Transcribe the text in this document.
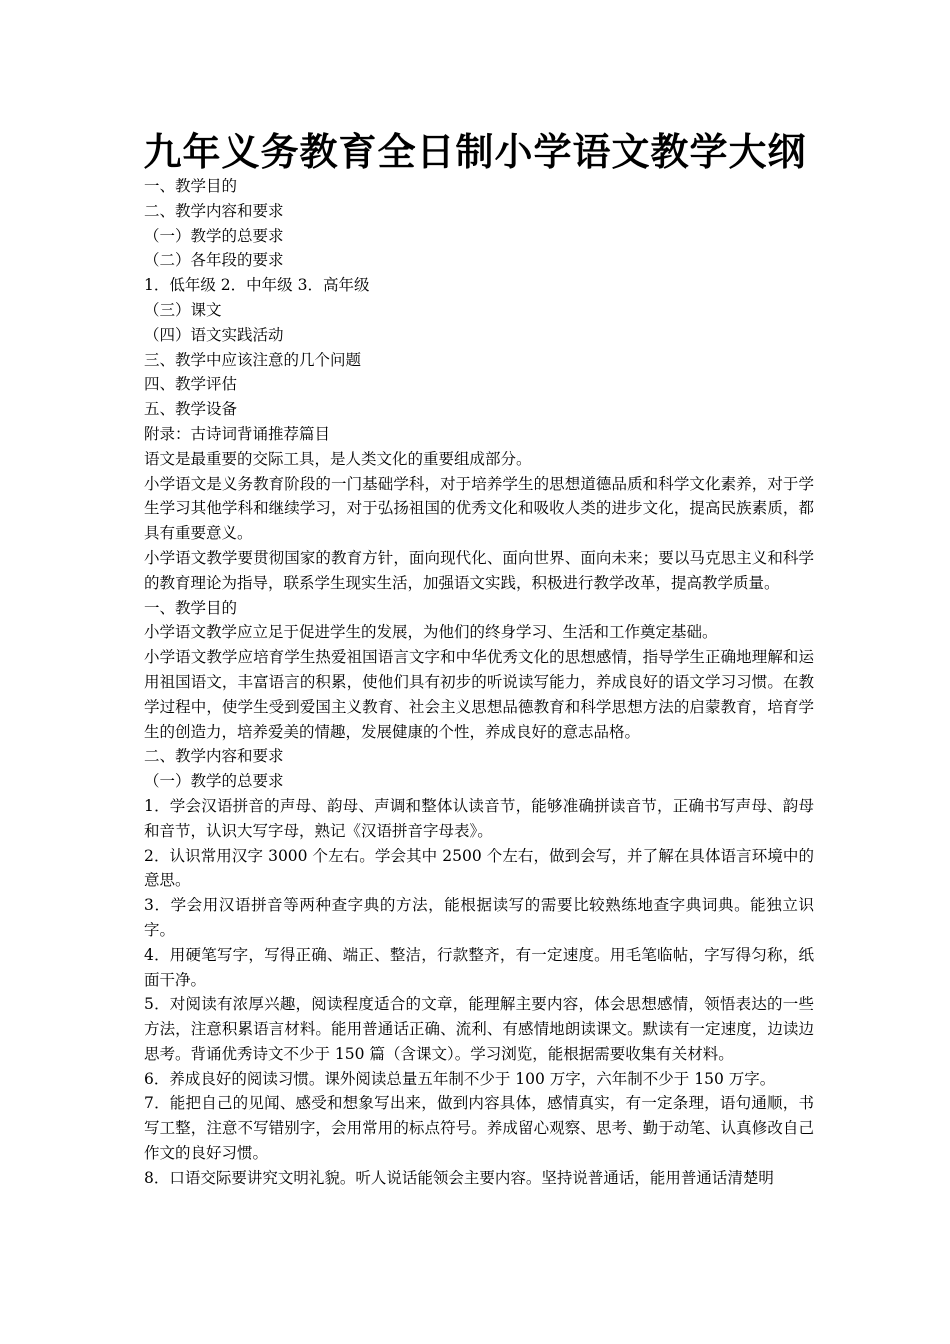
九年义务教育全日制小学语文教学大纲

一、教学目的

二、教学内容和要求

（一）教学的总要求

（二）各年段的要求

1．低年级 2．中年级 3．高年级

（三）课文

（四）语文实践活动

三、教学中应该注意的几个问题

四、教学评估

五、教学设备

附录：古诗词背诵推荐篇目

语文是最重要的交际工具，是人类文化的重要组成部分。

小学语文是义务教育阶段的一门基础学科，对于培养学生的思想道德品质和科学文化素养，对于学生学习其他学科和继续学习，对于弘扬祖国的优秀文化和吸收人类的进步文化，提高民族素质，都具有重要意义。

小学语文教学要贯彻国家的教育方针，面向现代化、面向世界、面向未来；要以马克思主义和科学的教育理论为指导，联系学生现实生活，加强语文实践，积极进行教学改革，提高教学质量。

一、教学目的

小学语文教学应立足于促进学生的发展，为他们的终身学习、生活和工作奠定基础。

小学语文教学应培育学生热爱祖国语言文字和中华优秀文化的思想感情，指导学生正确地理解和运用祖国语文，丰富语言的积累，使他们具有初步的听说读写能力，养成良好的语文学习习惯。在教学过程中，使学生受到爱国主义教育、社会主义思想品德教育和科学思想方法的启蒙教育，培育学生的创造力，培养爱美的情趣，发展健康的个性，养成良好的意志品格。

二、教学内容和要求

（一）教学的总要求

1．学会汉语拼音的声母、韵母、声调和整体认读音节，能够准确拼读音节，正确书写声母、韵母和音节，认识大写字母，熟记《汉语拼音字母表》。

2．认识常用汉字 3000 个左右。学会其中 2500 个左右，做到会写，并了解在具体语言环境中的意思。

3．学会用汉语拼音等两种查字典的方法，能根据读写的需要比较熟练地查字典词典。能独立识字。

4．用硬笔写字，写得正确、端正、整洁，行款整齐，有一定速度。用毛笔临帖，字写得匀称，纸面干净。

5．对阅读有浓厚兴趣，阅读程度适合的文章，能理解主要内容，体会思想感情，领悟表达的一些方法，注意积累语言材料。能用普通话正确、流利、有感情地朗读课文。默读有一定速度，边读边思考。背诵优秀诗文不少于 150 篇（含课文）。学习浏览，能根据需要收集有关材料。

6．养成良好的阅读习惯。课外阅读总量五年制不少于 100 万字，六年制不少于 150 万字。

7．能把自己的见闻、感受和想象写出来，做到内容具体，感情真实，有一定条理，语句通顺，书写工整，注意不写错别字，会用常用的标点符号。养成留心观察、思考、勤于动笔、认真修改自己作文的良好习惯。

8．口语交际要讲究文明礼貌。听人说话能领会主要内容。坚持说普通话，能用普通话清楚明
